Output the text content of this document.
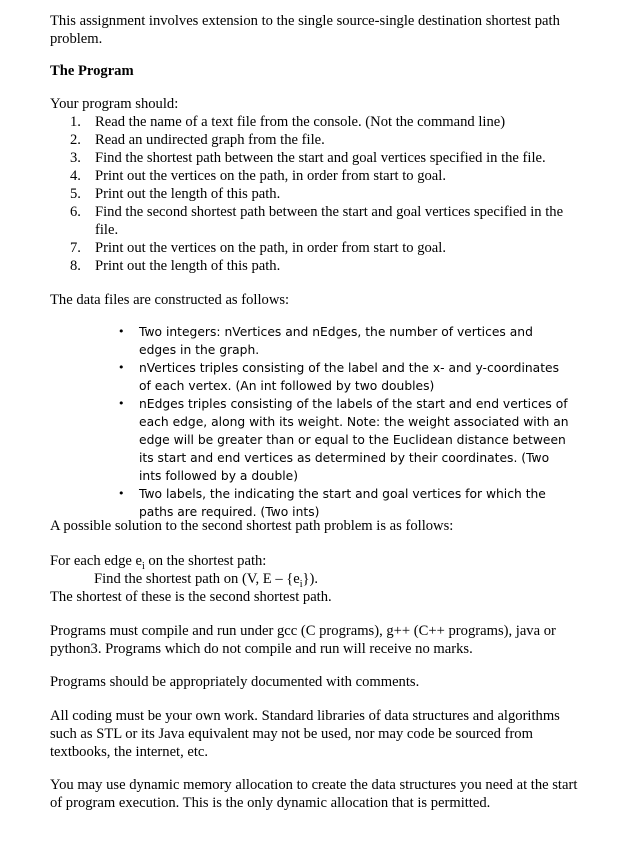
This assignment involves extension to the single source-single destination shortest path problem.

The Program

Your program should:

1. Read the name of a text file from the console. (Not the command line)
2. Read an undirected graph from the file.
3. Find the shortest path between the start and goal vertices specified in the file.
4. Print out the vertices on the path, in order from start to goal.
5. Print out the length of this path.
6. Find the second shortest path between the start and goal vertices specified in the file.
7. Print out the vertices on the path, in order from start to goal.
8. Print out the length of this path.

The data files are constructed as follows:

• Two integers: nVertices and nEdges, the number of vertices and edges in the graph.
• nVertices triples consisting of the label and the x- and y-coordinates of each vertex. (An int followed by two doubles)
• nEdges triples consisting of the labels of the start and end vertices of each edge, along with its weight. Note: the weight associated with an edge will be greater than or equal to the Euclidean distance between its start and end vertices as determined by their coordinates. (Two ints followed by a double)
• Two labels, the indicating the start and goal vertices for which the paths are required. (Two ints)

A possible solution to the second shortest path problem is as follows:

For each edge $e_i$ on the shortest path:
Find the shortest path on (V, E – $\{e_i\}$).
The shortest of these is the second shortest path.

Programs must compile and run under gcc (C programs), g++ (C++ programs), java or python3. Programs which do not compile and run will receive no marks.

Programs should be appropriately documented with comments.

All coding must be your own work. Standard libraries of data structures and algorithms such as STL or its Java equivalent may not be used, nor may code be sourced from textbooks, the internet, etc.

You may use dynamic memory allocation to create the data structures you need at the start of program execution. This is the only dynamic allocation that is permitted.
